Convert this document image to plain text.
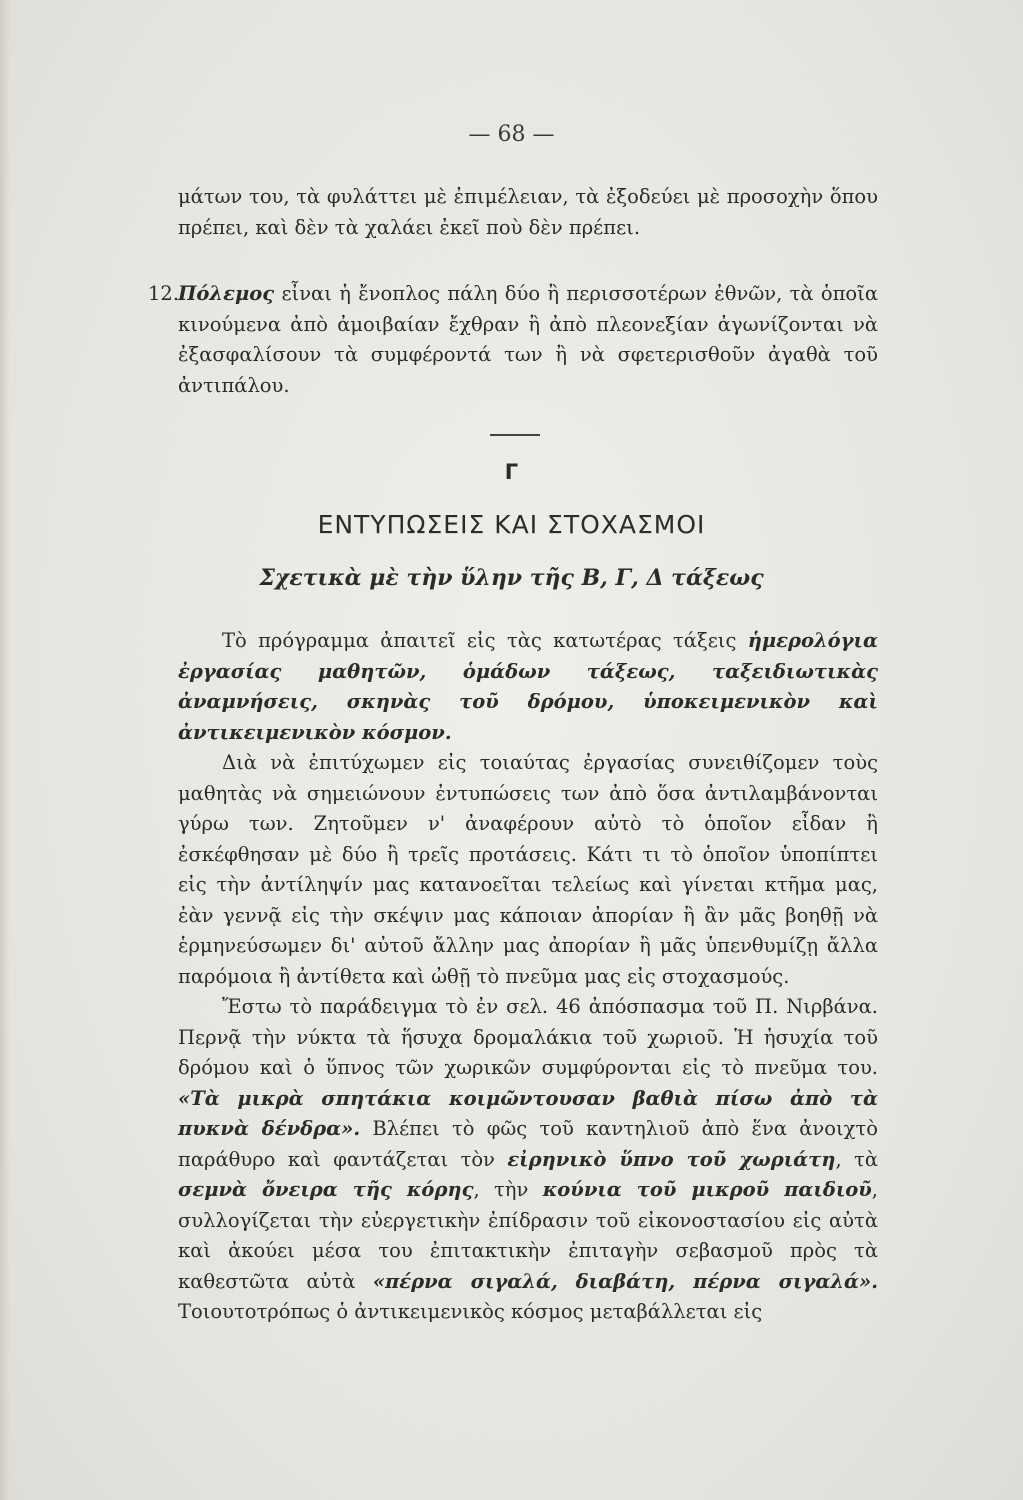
— 68 —

μάτων του, τὰ φυλάττει μὲ ἐπιμέλειαν, τὰ ἐξοδεύει μὲ προσοχὴν ὅπου πρέπει, καὶ δὲν τὰ χαλάει ἐκεῖ ποὺ δὲν πρέπει.

12.
Πόλεμος εἶναι ἡ ἔνοπλος πάλη δύο ἢ περισσοτέρων ἐθνῶν, τὰ ὁποῖα κινούμενα ἀπὸ ἀμοιβαίαν ἔχθραν ἢ ἀπὸ πλεονεξίαν ἀγωνίζονται νὰ ἐξασφαλίσουν τὰ συμφέροντά των ἢ νὰ σφετερισθοῦν ἀγαθὰ τοῦ ἀντιπάλου.

Γ
ΕΝΤΥΠΩΣΕΙΣ ΚΑΙ ΣΤΟΧΑΣΜΟΙ
Σχετικὰ μὲ τὴν ὕλην τῆς Β, Γ, Δ τάξεως

Τὸ πρόγραμμα ἀπαιτεῖ εἰς τὰς κατωτέρας τάξεις ἡμερολόγια ἐργασίας μαθητῶν, ὁμάδων τάξεως, ταξειδιωτικὰς ἀναμνήσεις, σκηνὰς τοῦ δρόμου, ὑποκειμενικὸν καὶ ἀντικειμενικὸν κόσμον.

Διὰ νὰ ἐπιτύχωμεν εἰς τοιαύτας ἐργασίας συνειθίζομεν τοὺς μαθητὰς νὰ σημειώνουν ἐντυπώσεις των ἀπὸ ὅσα ἀντιλαμβάνονται γύρω των. Ζητοῦμεν ν' ἀναφέρουν αὐτὸ τὸ ὁποῖον εἶδαν ἢ ἐσκέφθησαν μὲ δύο ἢ τρεῖς προτάσεις. Κάτι τι τὸ ὁποῖον ὑποπίπτει εἰς τὴν ἀντίληψίν μας κατανοεῖται τελείως καὶ γίνεται κτῆμα μας, ἐὰν γεννᾷ εἰς τὴν σκέψιν μας κάποιαν ἀπορίαν ἢ ἂν μᾶς βοηθῇ νὰ ἑρμηνεύσωμεν δι' αὐτοῦ ἄλλην μας ἀπορίαν ἢ μᾶς ὑπενθυμίζῃ ἄλλα παρόμοια ἢ ἀντίθετα καὶ ὠθῇ τὸ πνεῦμα μας εἰς στοχασμούς.

Ἔστω τὸ παράδειγμα τὸ ἐν σελ. 46 ἀπόσπασμα τοῦ Π. Νιρβάνα. Περνᾷ τὴν νύκτα τὰ ἥσυχα δρομαλάκια τοῦ χωριοῦ. Ἡ ἡσυχία τοῦ δρόμου καὶ ὁ ὕπνος τῶν χωρικῶν συμφύρονται εἰς τὸ πνεῦμα του. «Τὰ μικρὰ σπητάκια κοιμῶντουσαν βαθιὰ πίσω ἀπὸ τὰ πυκνὰ δένδρα». Βλέπει τὸ φῶς τοῦ καντηλιοῦ ἀπὸ ἕνα ἀνοιχτὸ παράθυρο καὶ φαντάζεται τὸν εἰρηνικὸ ὕπνο τοῦ χωριάτη, τὰ σεμνὰ ὄνειρα τῆς κόρης, τὴν κούνια τοῦ μικροῦ παιδιοῦ, συλλογίζεται τὴν εὐεργετικὴν ἐπίδρασιν τοῦ εἰκονοστασίου εἰς αὐτὰ καὶ ἀκούει μέσα του ἐπιτακτικὴν ἐπιταγὴν σεβασμοῦ πρὸς τὰ καθεστῶτα αὐτὰ «πέρνα σιγαλά, διαβάτη, πέρνα σιγαλά». Τοιουτοτρόπως ὁ ἀντικειμενικὸς κόσμος μεταβάλλεται εἰς
